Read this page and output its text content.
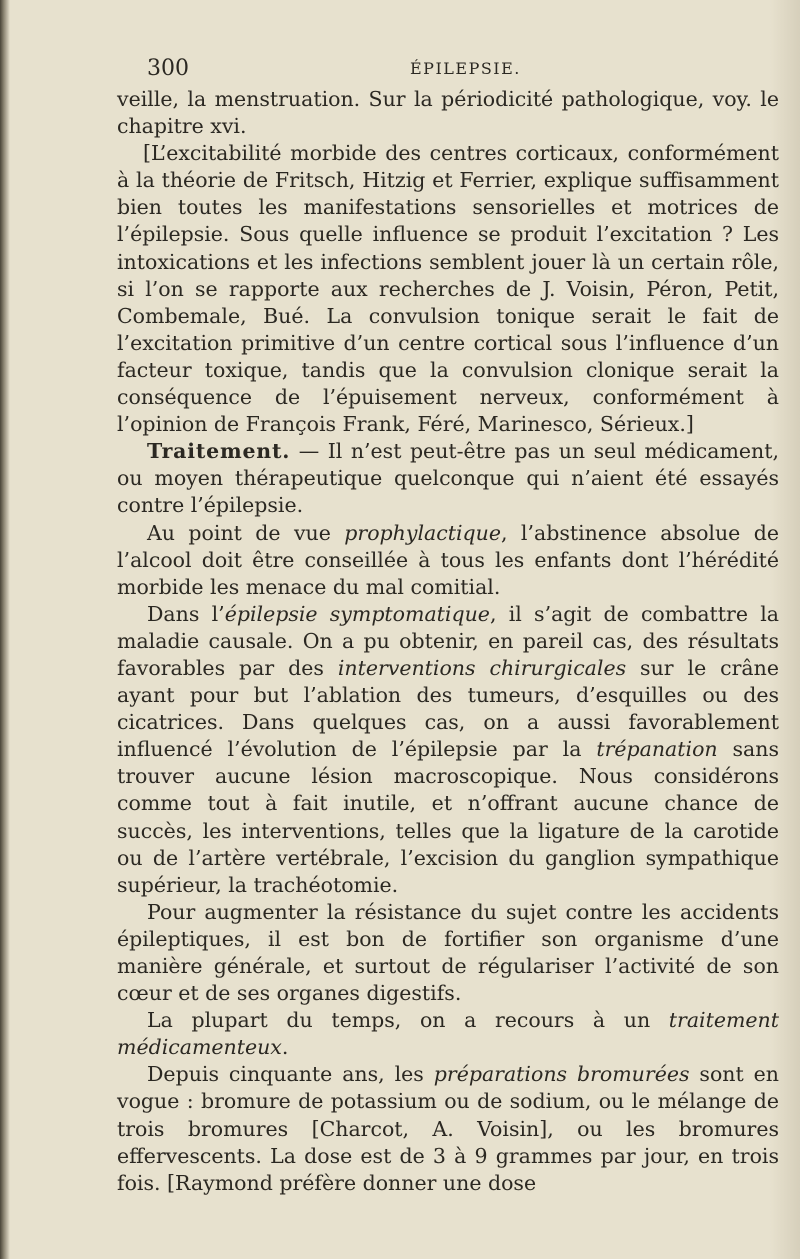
300	ÉPILEPSIE.

veille, la menstruation. Sur la périodicité pathologique, voy. le chapitre xvi.

[L’excitabilité morbide des centres corticaux, conformément à la théorie de Fritsch, Hitzig et Ferrier, explique suffisamment bien toutes les manifestations sensorielles et motrices de l’épilepsie. Sous quelle influence se produit l’excitation ? Les intoxications et les infections semblent jouer là un certain rôle, si l’on se rapporte aux recherches de J. Voisin, Péron, Petit, Combemale, Bué. La convulsion tonique serait le fait de l’excitation primitive d’un centre cortical sous l’influence d’un facteur toxique, tandis que la convulsion clonique serait la conséquence de l’épuisement nerveux, conformément à l’opinion de François Frank, Féré, Marinesco, Sérieux.]

Traitement. — Il n’est peut-être pas un seul médicament, ou moyen thérapeutique quelconque qui n’aient été essayés contre l’épilepsie.

Au point de vue prophylactique, l’abstinence absolue de l’alcool doit être conseillée à tous les enfants dont l’hérédité morbide les menace du mal comitial.

Dans l’épilepsie symptomatique, il s’agit de combattre la maladie causale. On a pu obtenir, en pareil cas, des résultats favorables par des interventions chirurgicales sur le crâne ayant pour but l’ablation des tumeurs, d’esquilles ou des cicatrices. Dans quelques cas, on a aussi favorablement influencé l’évolution de l’épilepsie par la trépanation sans trouver aucune lésion macroscopique. Nous considérons comme tout à fait inutile, et n’offrant aucune chance de succès, les interventions, telles que la ligature de la carotide ou de l’artère vertébrale, l’excision du ganglion sympathique supérieur, la trachéotomie.

Pour augmenter la résistance du sujet contre les accidents épileptiques, il est bon de fortifier son organisme d’une manière générale, et surtout de régulariser l’activité de son cœur et de ses organes digestifs.

La plupart du temps, on a recours à un traitement médicamenteux.

Depuis cinquante ans, les préparations bromurées sont en vogue : bromure de potassium ou de sodium, ou le mélange de trois bromures [Charcot, A. Voisin], ou les bromures effervescents. La dose est de 3 à 9 grammes par jour, en trois fois. [Raymond préfère donner une dose
